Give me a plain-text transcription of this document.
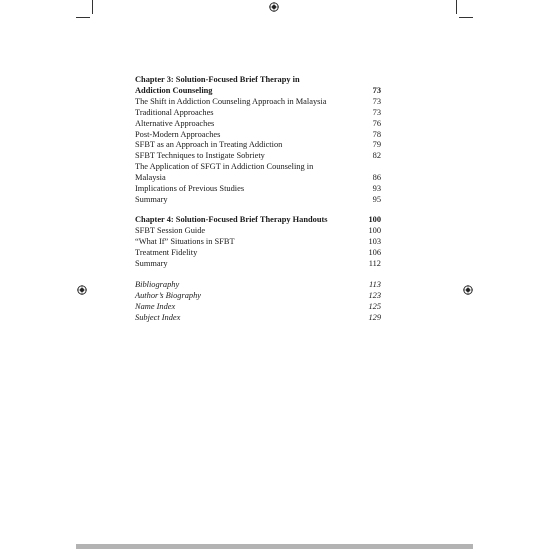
Chapter 3: Solution-Focused Brief Therapy in
Addiction Counseling	73
The Shift in Addiction Counseling Approach in Malaysia	73
Traditional Approaches	73
Alternative Approaches	76
Post-Modern Approaches	78
SFBT as an Approach in Treating Addiction	79
SFBT Techniques to Instigate Sobriety	82
The Application of SFGT in Addiction Counseling in
Malaysia	86
Implications of Previous Studies	93
Summary	95
Chapter 4: Solution-Focused Brief Therapy Handouts	100
SFBT Session Guide	100
“What If” Situations in SFBT	103
Treatment Fidelity	106
Summary	112
Bibliography	113
Author’s Biography	123
Name Index	125
Subject Index	129
